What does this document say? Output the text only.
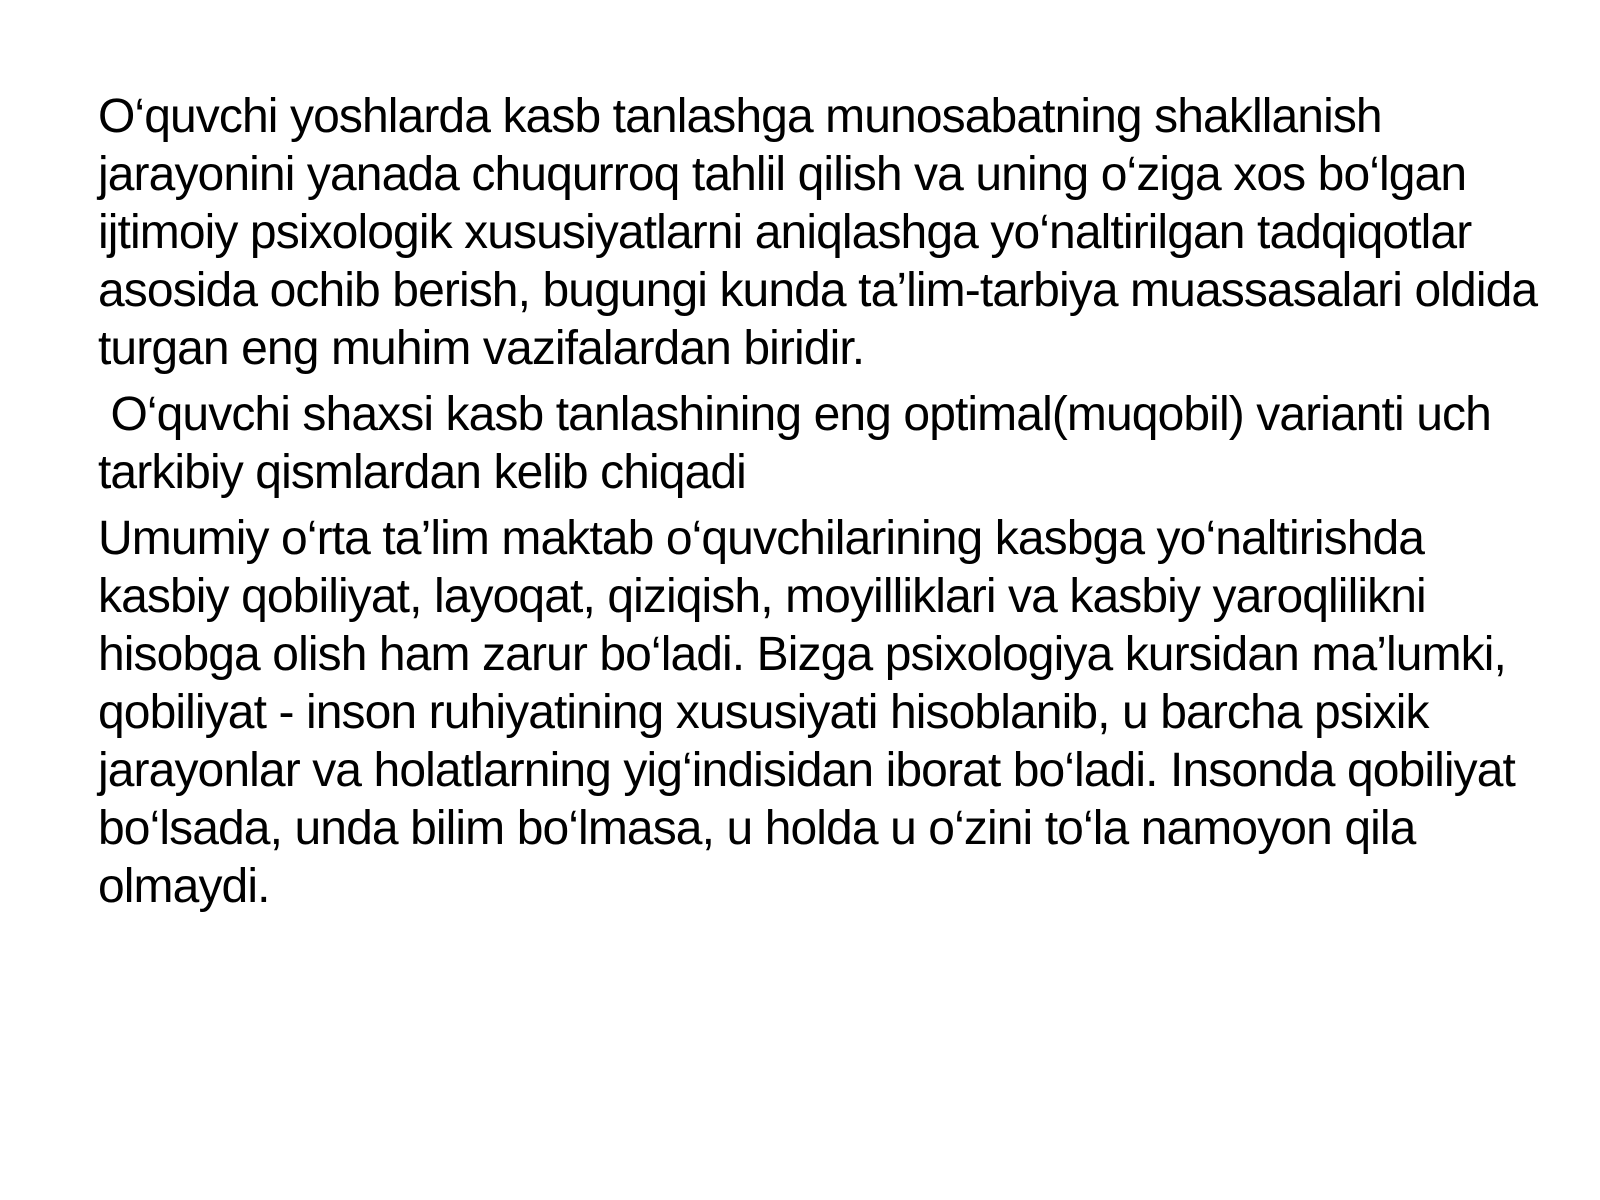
O‘quvchi yoshlarda kasb tanlashga munosabatning shakllanish jarayonini yanada chuqurroq tahlil qilish va uning o‘ziga xos bo‘lgan ijtimoiy psixologik xususiyatlarni aniqlashga yo‘naltirilgan tadqiqotlar asosida ochib berish, bugungi kunda ta’lim-tarbiya muassasalari oldida turgan eng muhim vazifalardan biridir.

O‘quvchi shaxsi kasb tanlashining eng optimal(muqobil) varianti uch tarkibiy qismlardan kelib chiqadi

Umumiy o‘rta ta’lim maktab o‘quvchilarining kasbga yo‘naltirishda kasbiy qobiliyat, layoqat, qiziqish, moyilliklari va kasbiy yaroqlilikni hisobga olish ham zarur bo‘ladi. Bizga psixologiya kursidan ma’lumki, qobiliyat - inson ruhiyatining xususiyati hisoblanib, u barcha psixik jarayonlar va holatlarning yig‘indisidan iborat bo‘ladi. Insonda qobiliyat bo‘lsada, unda bilim bo‘lmasa, u holda u o‘zini to‘la namoyon qila olmaydi.
